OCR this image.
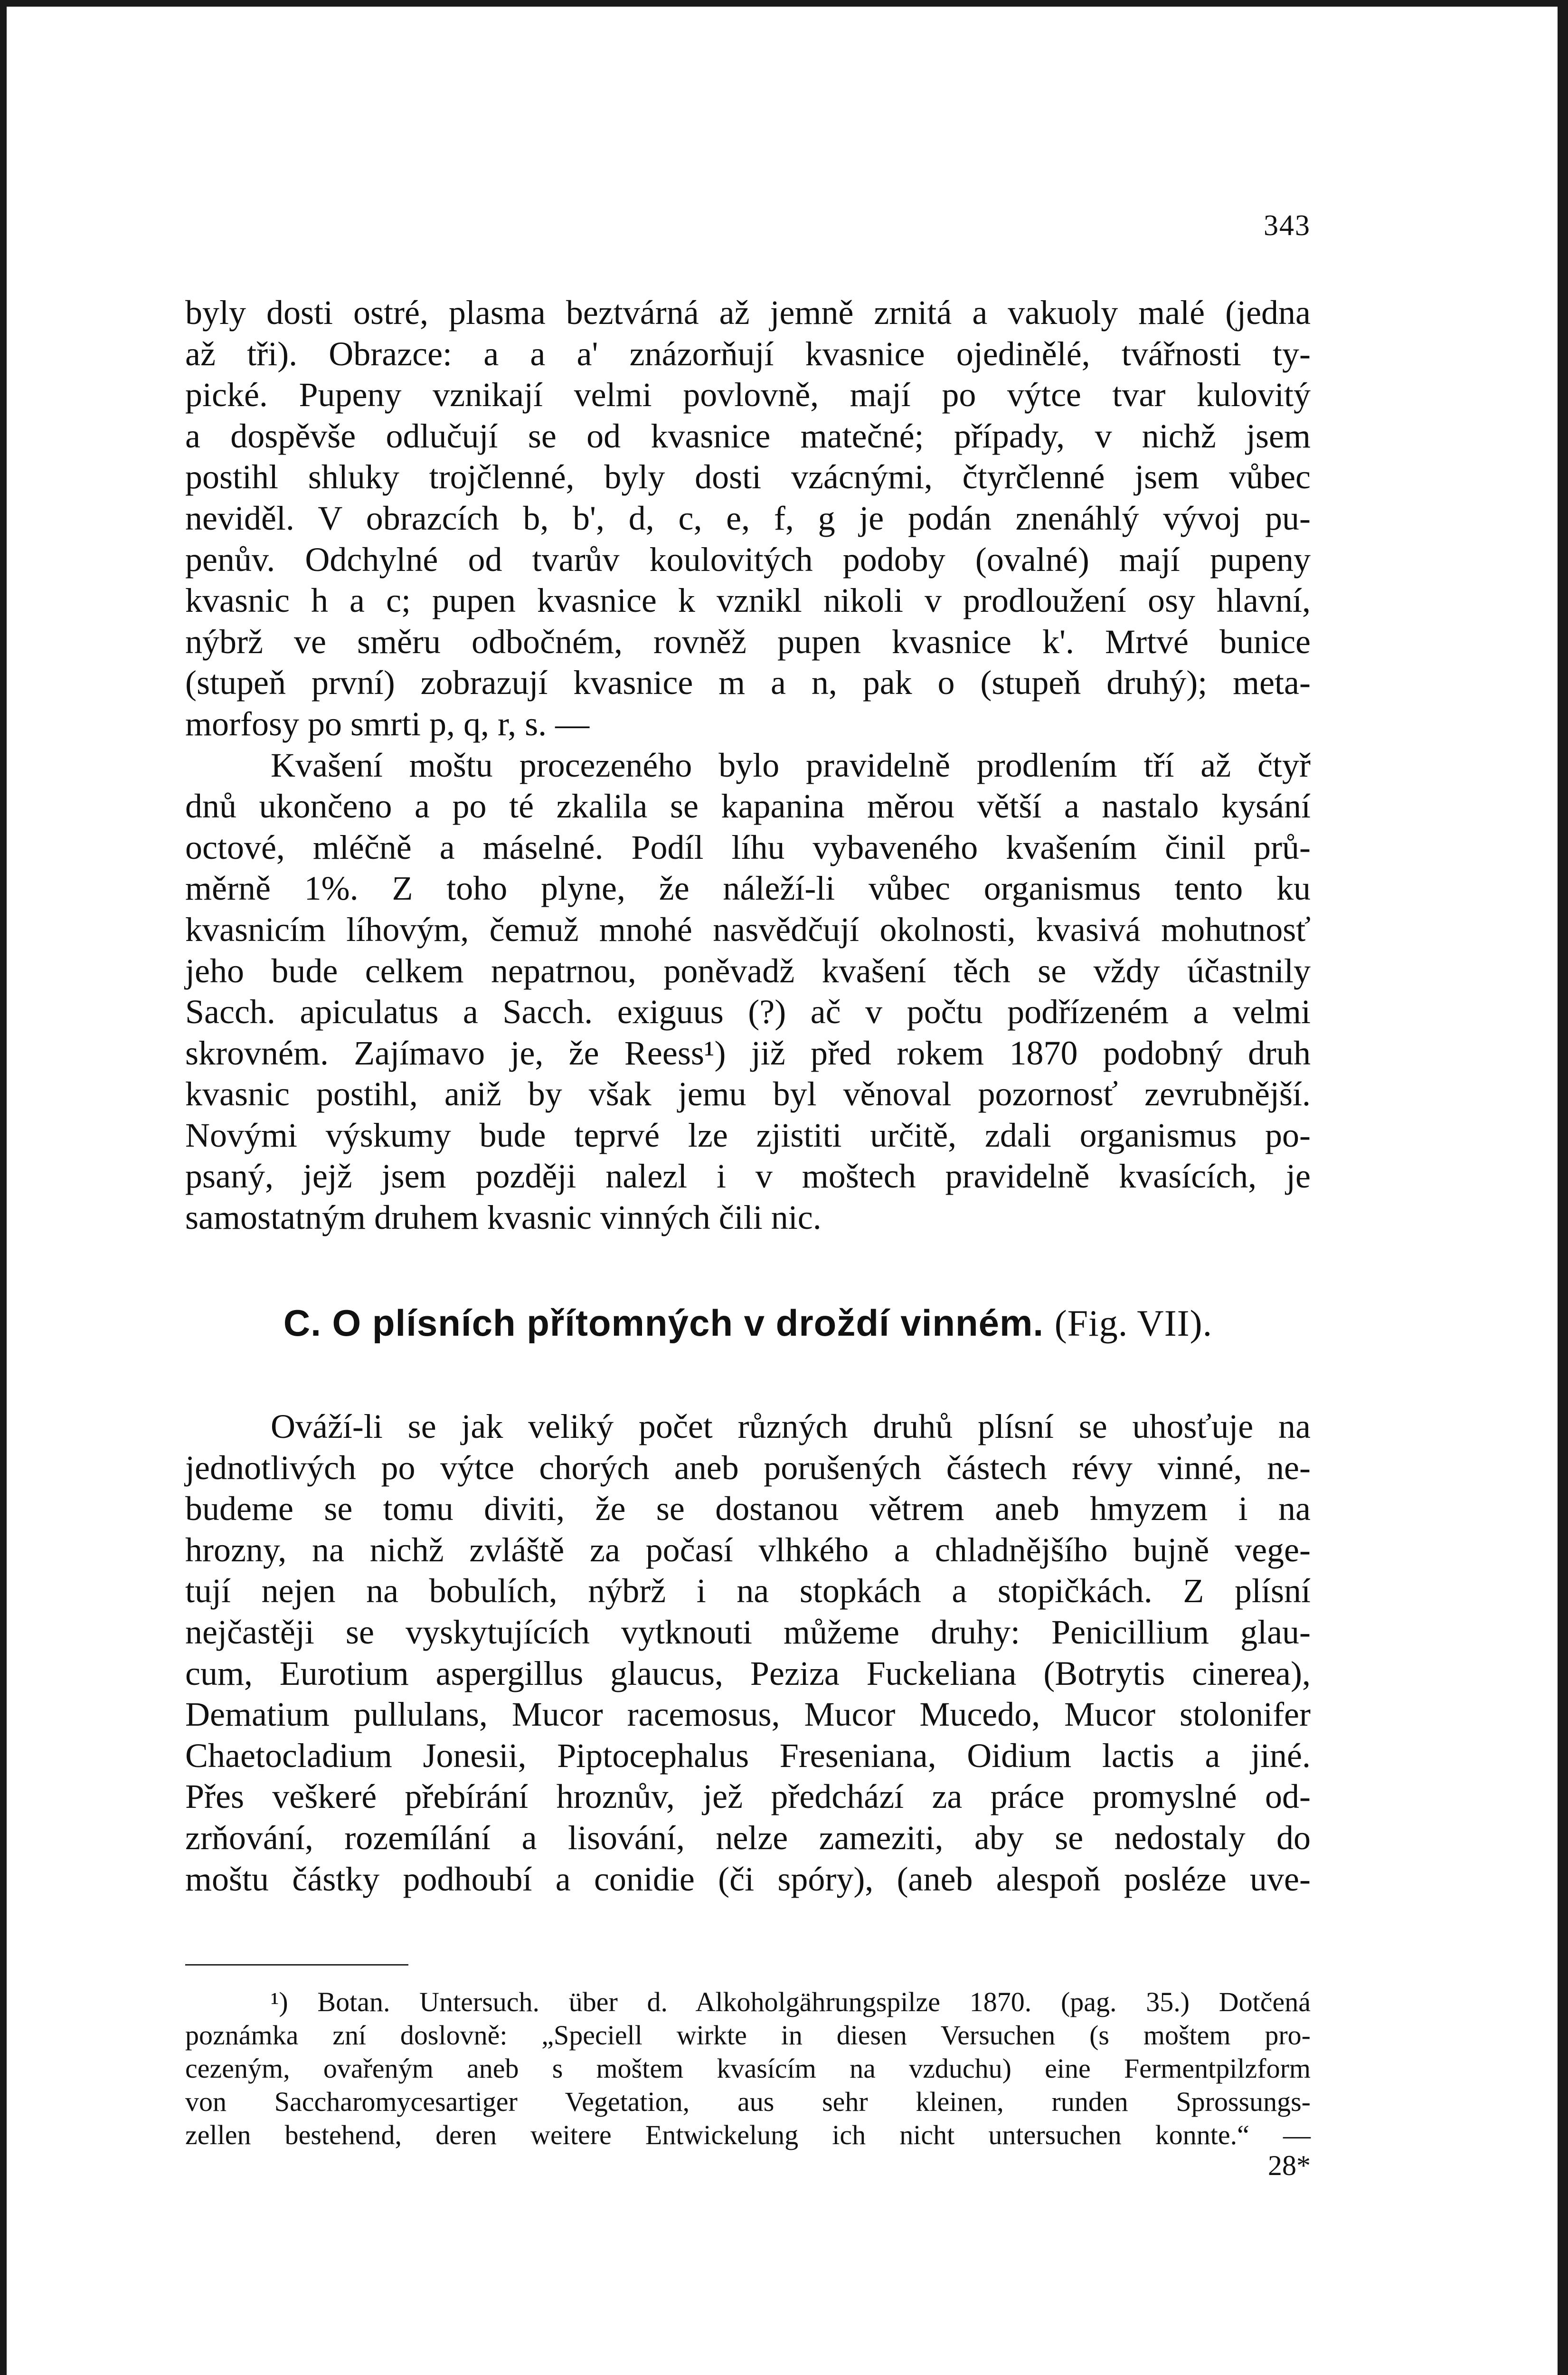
343
byly dosti ostré, plasma beztvárná až jemně zrnitá a vakuoly malé (jedna
až tři). Obrazce: a a a' znázorňují kvasnice ojedinělé, tvářnosti ty-
pické. Pupeny vznikají velmi povlovně, mají po výtce tvar kulovitý
a dospěvše odlučují se od kvasnice matečné; případy, v nichž jsem
postihl shluky trojčlenné, byly dosti vzácnými, čtyrčlenné jsem vůbec
neviděl. V obrazcích b, b', d, c, e, f, g je podán znenáhlý vývoj pu-
penův. Odchylné od tvarův koulovitých podoby (ovalné) mají pupeny
kvasnic h a c; pupen kvasnice k vznikl nikoli v prodloužení osy hlavní,
nýbrž ve směru odbočném, rovněž pupen kvasnice k'. Mrtvé bunice
(stupeň první) zobrazují kvasnice m a n, pak o (stupeň druhý); meta-
morfosy po smrti p, q, r, s. —
Kvašení moštu procezeného bylo pravidelně prodlením tří až čtyř
dnů ukončeno a po té zkalila se kapanina měrou větší a nastalo kysání
octové, mléčně a máselné. Podíl líhu vybaveného kvašením činil prů-
měrně 1%. Z toho plyne, že náleží-li vůbec organismus tento ku
kvasnicím líhovým, čemuž mnohé nasvědčují okolnosti, kvasivá mohutnosť
jeho bude celkem nepatrnou, poněvadž kvašení těch se vždy účastnily
Sacch. apiculatus a Sacch. exiguus (?) ač v počtu podřízeném a velmi
skrovném. Zajímavo je, že Reess¹) již před rokem 1870 podobný druh
kvasnic postihl, aniž by však jemu byl věnoval pozornosť zevrubnější.
Novými výskumy bude teprvé lze zjistiti určitě, zdali organismus po-
psaný, jejž jsem později nalezl i v moštech pravidelně kvasících, je
samostatným druhem kvasnic vinných čili nic.
C. O plísních přítomných v droždí vinném. (Fig. VII).
Ováží-li se jak veliký počet různých druhů plísní se uhosťuje na
jednotlivých po výtce chorých aneb porušených částech révy vinné, ne-
budeme se tomu diviti, že se dostanou větrem aneb hmyzem i na
hrozny, na nichž zvláště za počasí vlhkého a chladnějšího bujně vege-
tují nejen na bobulích, nýbrž i na stopkách a stopičkách. Z plísní
nejčastěji se vyskytujících vytknouti můžeme druhy: Penicillium glau-
cum, Eurotium aspergillus glaucus, Peziza Fuckeliana (Botrytis cinerea),
Dematium pullulans, Mucor racemosus, Mucor Mucedo, Mucor stolonifer
Chaetocladium Jonesii, Piptocephalus Freseniana, Oidium lactis a jiné.
Přes veškeré přebírání hroznův, jež předchází za práce promyslné od-
zrňování, rozemílání a lisování, nelze zameziti, aby se nedostaly do
moštu částky podhoubí a conidie (či spóry), (aneb alespoň posléze uve-
¹) Botan. Untersuch. über d. Alkoholgährungspilze 1870. (pag. 35.) Dotčená
poznámka zní doslovně: „Speciell wirkte in diesen Versuchen (s moštem pro-
cezeným, ovařeným aneb s moštem kvasícím na vzduchu) eine Fermentpilzform
von Saccharomycesartiger Vegetation, aus sehr kleinen, runden Sprossungs-
zellen bestehend, deren weitere Entwickelung ich nicht untersuchen konnte.“ —
28*
